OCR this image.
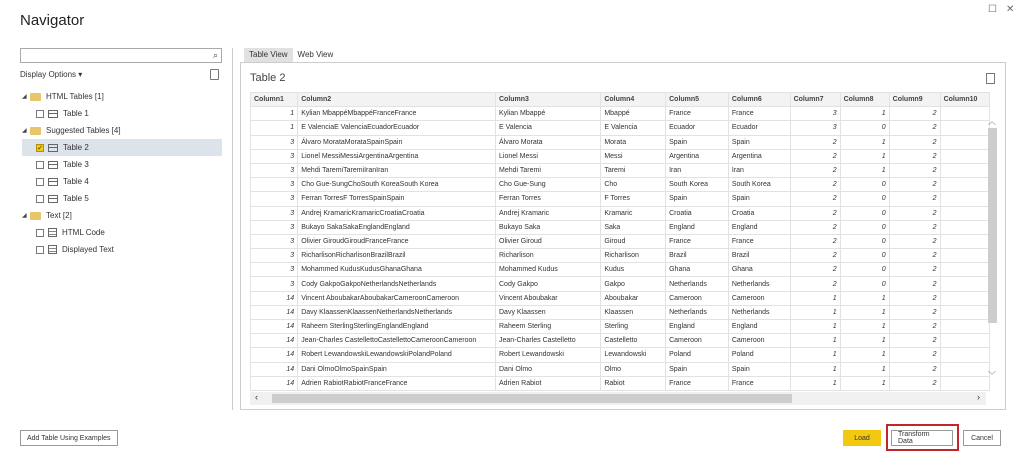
☐ ✕
Navigator
⌕
Display Options ▾
◢	HTML Tables [1]
Table 1
◢	Suggested Tables [4]
✓	Table 2
Table 3
Table 4
Table 5
◢	Text [2]
HTML Code
Displayed Text
Table View	Web View
Table 2
Column1	Column2	Column3	Column4	Column5	Column6	Column7	Column8	Column9	Column10
1	Kylian MbappéMbappéFranceFrance	Kylian Mbappé	Mbappé	France	France	3	1	2	
1	E ValenciaE ValenciaEcuadorEcuador	E Valencia	E Valencia	Ecuador	Ecuador	3	0	2	
3	Álvaro MorataMorataSpainSpain	Álvaro Morata	Morata	Spain	Spain	2	1	2	
3	Lionel MessiMessiArgentinaArgentina	Lionel Messi	Messi	Argentina	Argentina	2	1	2	
3	Mehdi TaremiTaremiIranIran	Mehdi Taremi	Taremi	Iran	Iran	2	1	2	
3	Cho Gue-SungChoSouth KoreaSouth Korea	Cho Gue-Sung	Cho	South Korea	South Korea	2	0	2	
3	Ferran TorresF TorresSpainSpain	Ferran Torres	F Torres	Spain	Spain	2	0	2	
3	Andrej KramaricKramaricCroatiaCroatia	Andrej Kramaric	Kramaric	Croatia	Croatia	2	0	2	
3	Bukayo SakaSakaEnglandEngland	Bukayo Saka	Saka	England	England	2	0	2	
3	Olivier GiroudGiroudFranceFrance	Olivier Giroud	Giroud	France	France	2	0	2	
3	RicharlisonRicharlisonBrazilBrazil	Richarlison	Richarlison	Brazil	Brazil	2	0	2	
3	Mohammed KudusKudusGhanaGhana	Mohammed Kudus	Kudus	Ghana	Ghana	2	0	2	
3	Cody GakpoGakpoNetherlandsNetherlands	Cody Gakpo	Gakpo	Netherlands	Netherlands	2	0	2	
14	Vincent AboubakarAboubakarCameroonCameroon	Vincent Aboubakar	Aboubakar	Cameroon	Cameroon	1	1	2	
14	Davy KlaassenKlaassenNetherlandsNetherlands	Davy Klaassen	Klaassen	Netherlands	Netherlands	1	1	2	
14	Raheem SterlingSterlingEnglandEngland	Raheem Sterling	Sterling	England	England	1	1	2	
14	Jean-Charles CastellettoCastellettoCameroonCameroon	Jean-Charles Castelletto	Castelletto	Cameroon	Cameroon	1	1	2	
14	Robert LewandowskiLewandowskiPolandPoland	Robert Lewandowski	Lewandowski	Poland	Poland	1	1	2	
14	Dani OlmoOlmoSpainSpain	Dani Olmo	Olmo	Spain	Spain	1	1	2	
14	Adrien RabiotRabiotFranceFrance	Adrien Rabiot	Rabiot	France	France	1	1	2	
︿
﹀
‹	›
Add Table Using Examples	Load	Transform Data	Cancel
